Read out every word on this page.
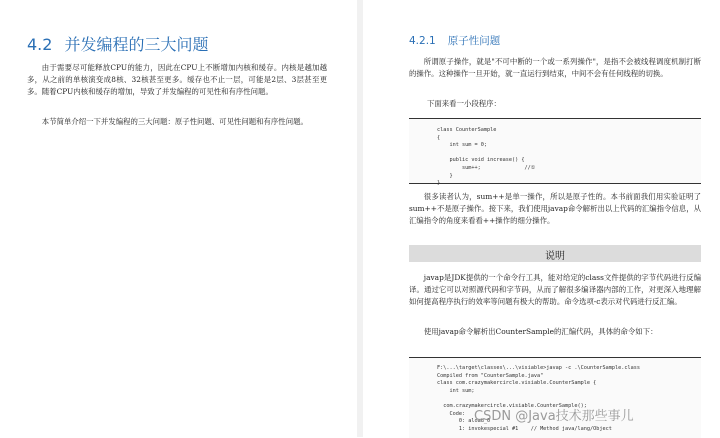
4.2 并发编程的三大问题
由于需要尽可能释放CPU的能力，因此在CPU上不断增加内核和缓存。内核是越加越多，从之前的单核演变成8核、32核甚至更多。缓存也不止一层，可能是2层、3层甚至更多。随着CPU内核和缓存的增加，导致了并发编程的可见性和有序性问题。
本节简单介绍一下并发编程的三大问题：原子性问题、可见性问题和有序性问题。
4.2.1 原子性问题
所谓原子操作，就是"不可中断的一个或一系列操作"，是指不会被线程调度机制打断的操作。这种操作一旦开始，就一直运行到结束，中间不会有任何线程的切换。
下面来看一小段程序：
class CounterSample
{
int sum = 0;

public void increase() {
sum++;              //①
}
}
很多读者认为，sum++是单一操作，所以是原子性的。本书前面我们用实验证明了sum++不是原子操作。接下来，我们使用javap命令解析出以上代码的汇编指令信息，从汇编指令的角度来看看++操作的细分操作。
说明
javap是JDK提供的一个命令行工具，能对给定的class文件提供的字节代码进行反编译。通过它可以对照源代码和字节码，从而了解很多编译器内部的工作，对更深入地理解如何提高程序执行的效率等问题有极大的帮助。命令选项-c表示对代码进行反汇编。
使用javap命令解析出CounterSample的汇编代码，具体的命令如下：
F:\...\target\classes\...\visiable>javap -c .\CounterSample.class
Compiled from "CounterSample.java"
class com.crazymakercircle.visiable.CounterSample {
int sum;

com.crazymakercircle.visiable.CounterSample();
Code:
0: aload_0
1: invokespecial #1    // Method java/lang/Object
CSDN @Java技术那些事儿
